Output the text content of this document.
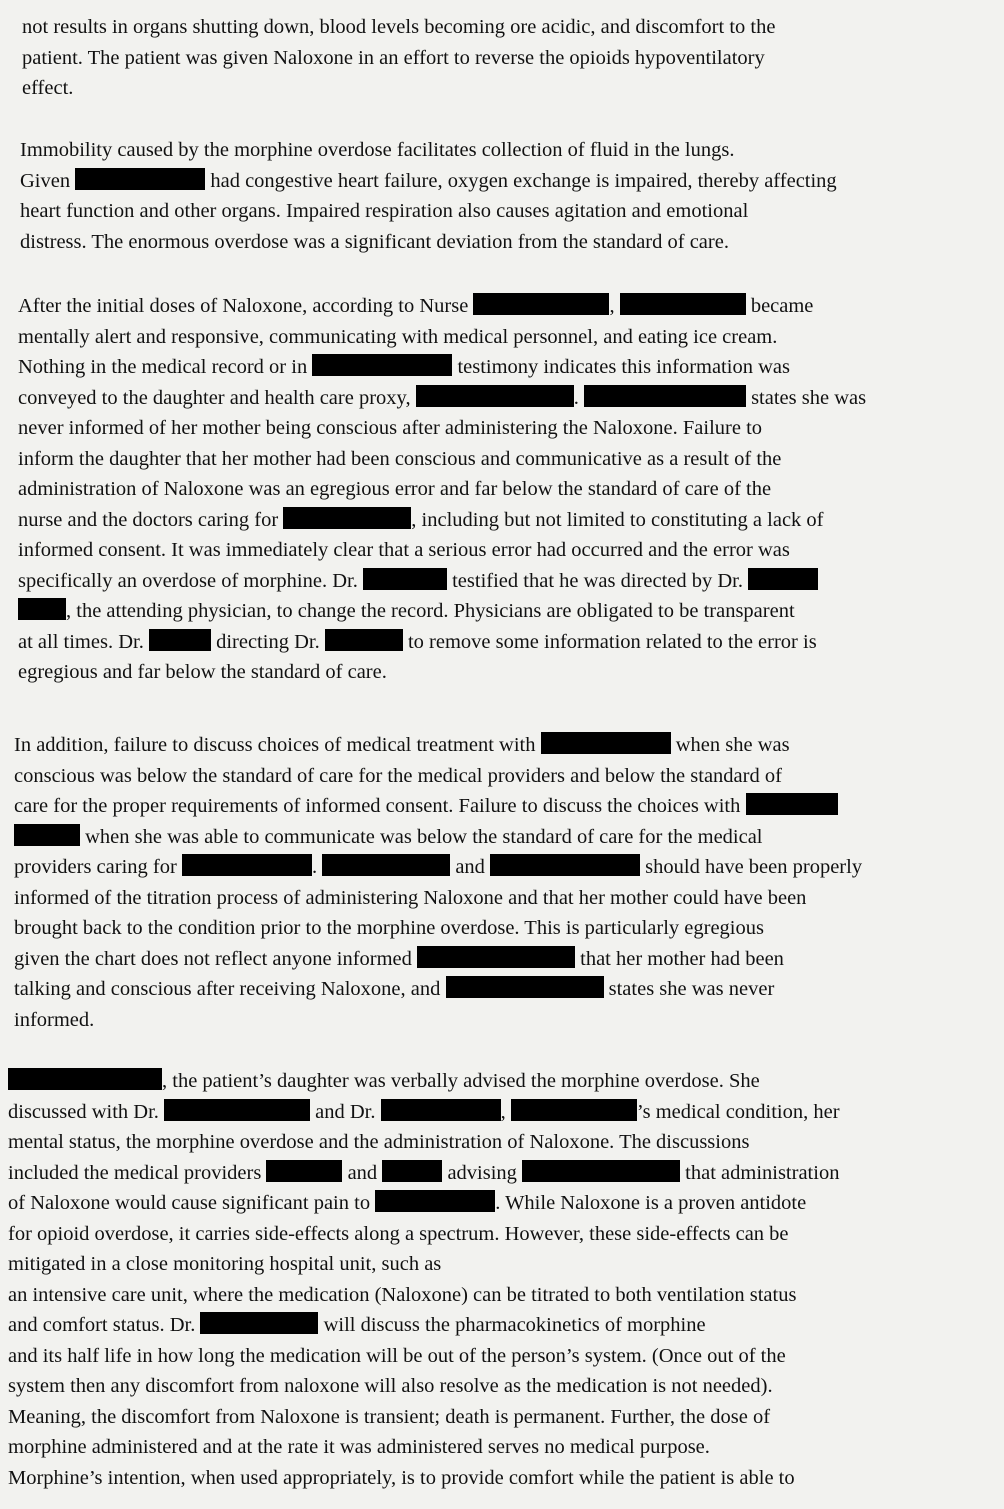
not results in organs shutting down, blood levels becoming ore acidic, and discomfort to the
patient. The patient was given Naloxone in an effort to reverse the opioids hypoventilatory
effect.

Immobility caused by the morphine overdose facilitates collection of fluid in the lungs.
Given	had congestive heart failure, oxygen exchange is impaired, thereby affecting
heart function and other organs. Impaired respiration also causes agitation and emotional
distress. The enormous overdose was a significant deviation from the standard of care.

After the initial doses of Naloxone, according to Nurse	,	became
mentally alert and responsive, communicating with medical personnel, and eating ice cream.
Nothing in the medical record or in	testimony indicates this information was
conveyed to the daughter and health care proxy,	.	states she was
never informed of her mother being conscious after administering the Naloxone. Failure to
inform the daughter that her mother had been conscious and communicative as a result of the
administration of Naloxone was an egregious error and far below the standard of care of the
nurse and the doctors caring for	, including but not limited to constituting a lack of
informed consent. It was immediately clear that a serious error had occurred and the error was
specifically an overdose of morphine. Dr.	testified that he was directed by Dr.
, the attending physician, to change the record. Physicians are obligated to be transparent
at all times. Dr.	directing Dr.	to remove some information related to the error is
egregious and far below the standard of care.

In addition, failure to discuss choices of medical treatment with	when she was
conscious was below the standard of care for the medical providers and below the standard of
care for the proper requirements of informed consent. Failure to discuss the choices with
when she was able to communicate was below the standard of care for the medical
providers caring for	.	and	should have been properly
informed of the titration process of administering Naloxone and that her mother could have been
brought back to the condition prior to the morphine overdose. This is particularly egregious
given the chart does not reflect anyone informed	that her mother had been
talking and conscious after receiving Naloxone, and	states she was never
informed.

, the patient’s daughter was verbally advised the morphine overdose. She
discussed with Dr.	and Dr.	,	’s medical condition, her
mental status, the morphine overdose and the administration of Naloxone. The discussions
included the medical providers	and	advising	that administration
of Naloxone would cause significant pain to	. While Naloxone is a proven antidote
for opioid overdose, it carries side-effects along a spectrum. However, these side-effects can be
mitigated in a close monitoring hospital unit, such as
an intensive care unit, where the medication (Naloxone) can be titrated to both ventilation status
and comfort status. Dr.	will discuss the pharmacokinetics of morphine
and its half life in how long the medication will be out of the person’s system. (Once out of the
system then any discomfort from naloxone will also resolve as the medication is not needed).
Meaning, the discomfort from Naloxone is transient; death is permanent. Further, the dose of
morphine administered and at the rate it was administered serves no medical purpose.
Morphine’s intention, when used appropriately, is to provide comfort while the patient is able to
